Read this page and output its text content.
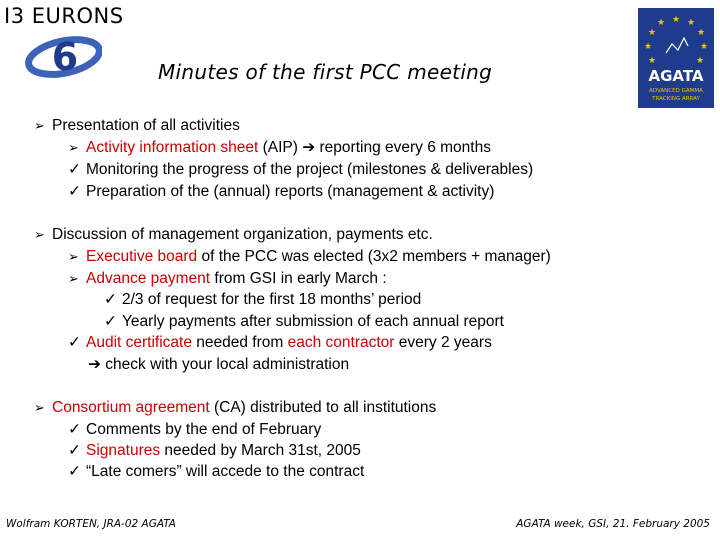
I3 EURONS
6
★ ★
★
★
★
★
★
★
★
AGATA
ADVANCED GAMMA
TRACKING ARRAY
Minutes of the first PCC meeting
➢ Presentation of all activities
➢ Activity information sheet (AIP) ➔ reporting every 6 months
✓ Monitoring the progress of the project (milestones & deliverables)
✓ Preparation of the (annual) reports (management & activity)
➢ Discussion of management organization, payments etc.
➢ Executive board of the PCC was elected (3x2 members + manager)
➢ Advance payment from GSI in early March :
✓ 2/3 of request for the first 18 months’ period
✓ Yearly payments after submission of each annual report
✓ Audit certificate needed from each contractor every 2 years
➔ check with your local administration
➢ Consortium agreement (CA) distributed to all institutions
✓ Comments by the end of February
✓ Signatures needed by March 31st, 2005
✓ “Late comers” will accede to the contract
Wolfram KORTEN, JRA-02 AGATA	AGATA week, GSI, 21. February 2005
